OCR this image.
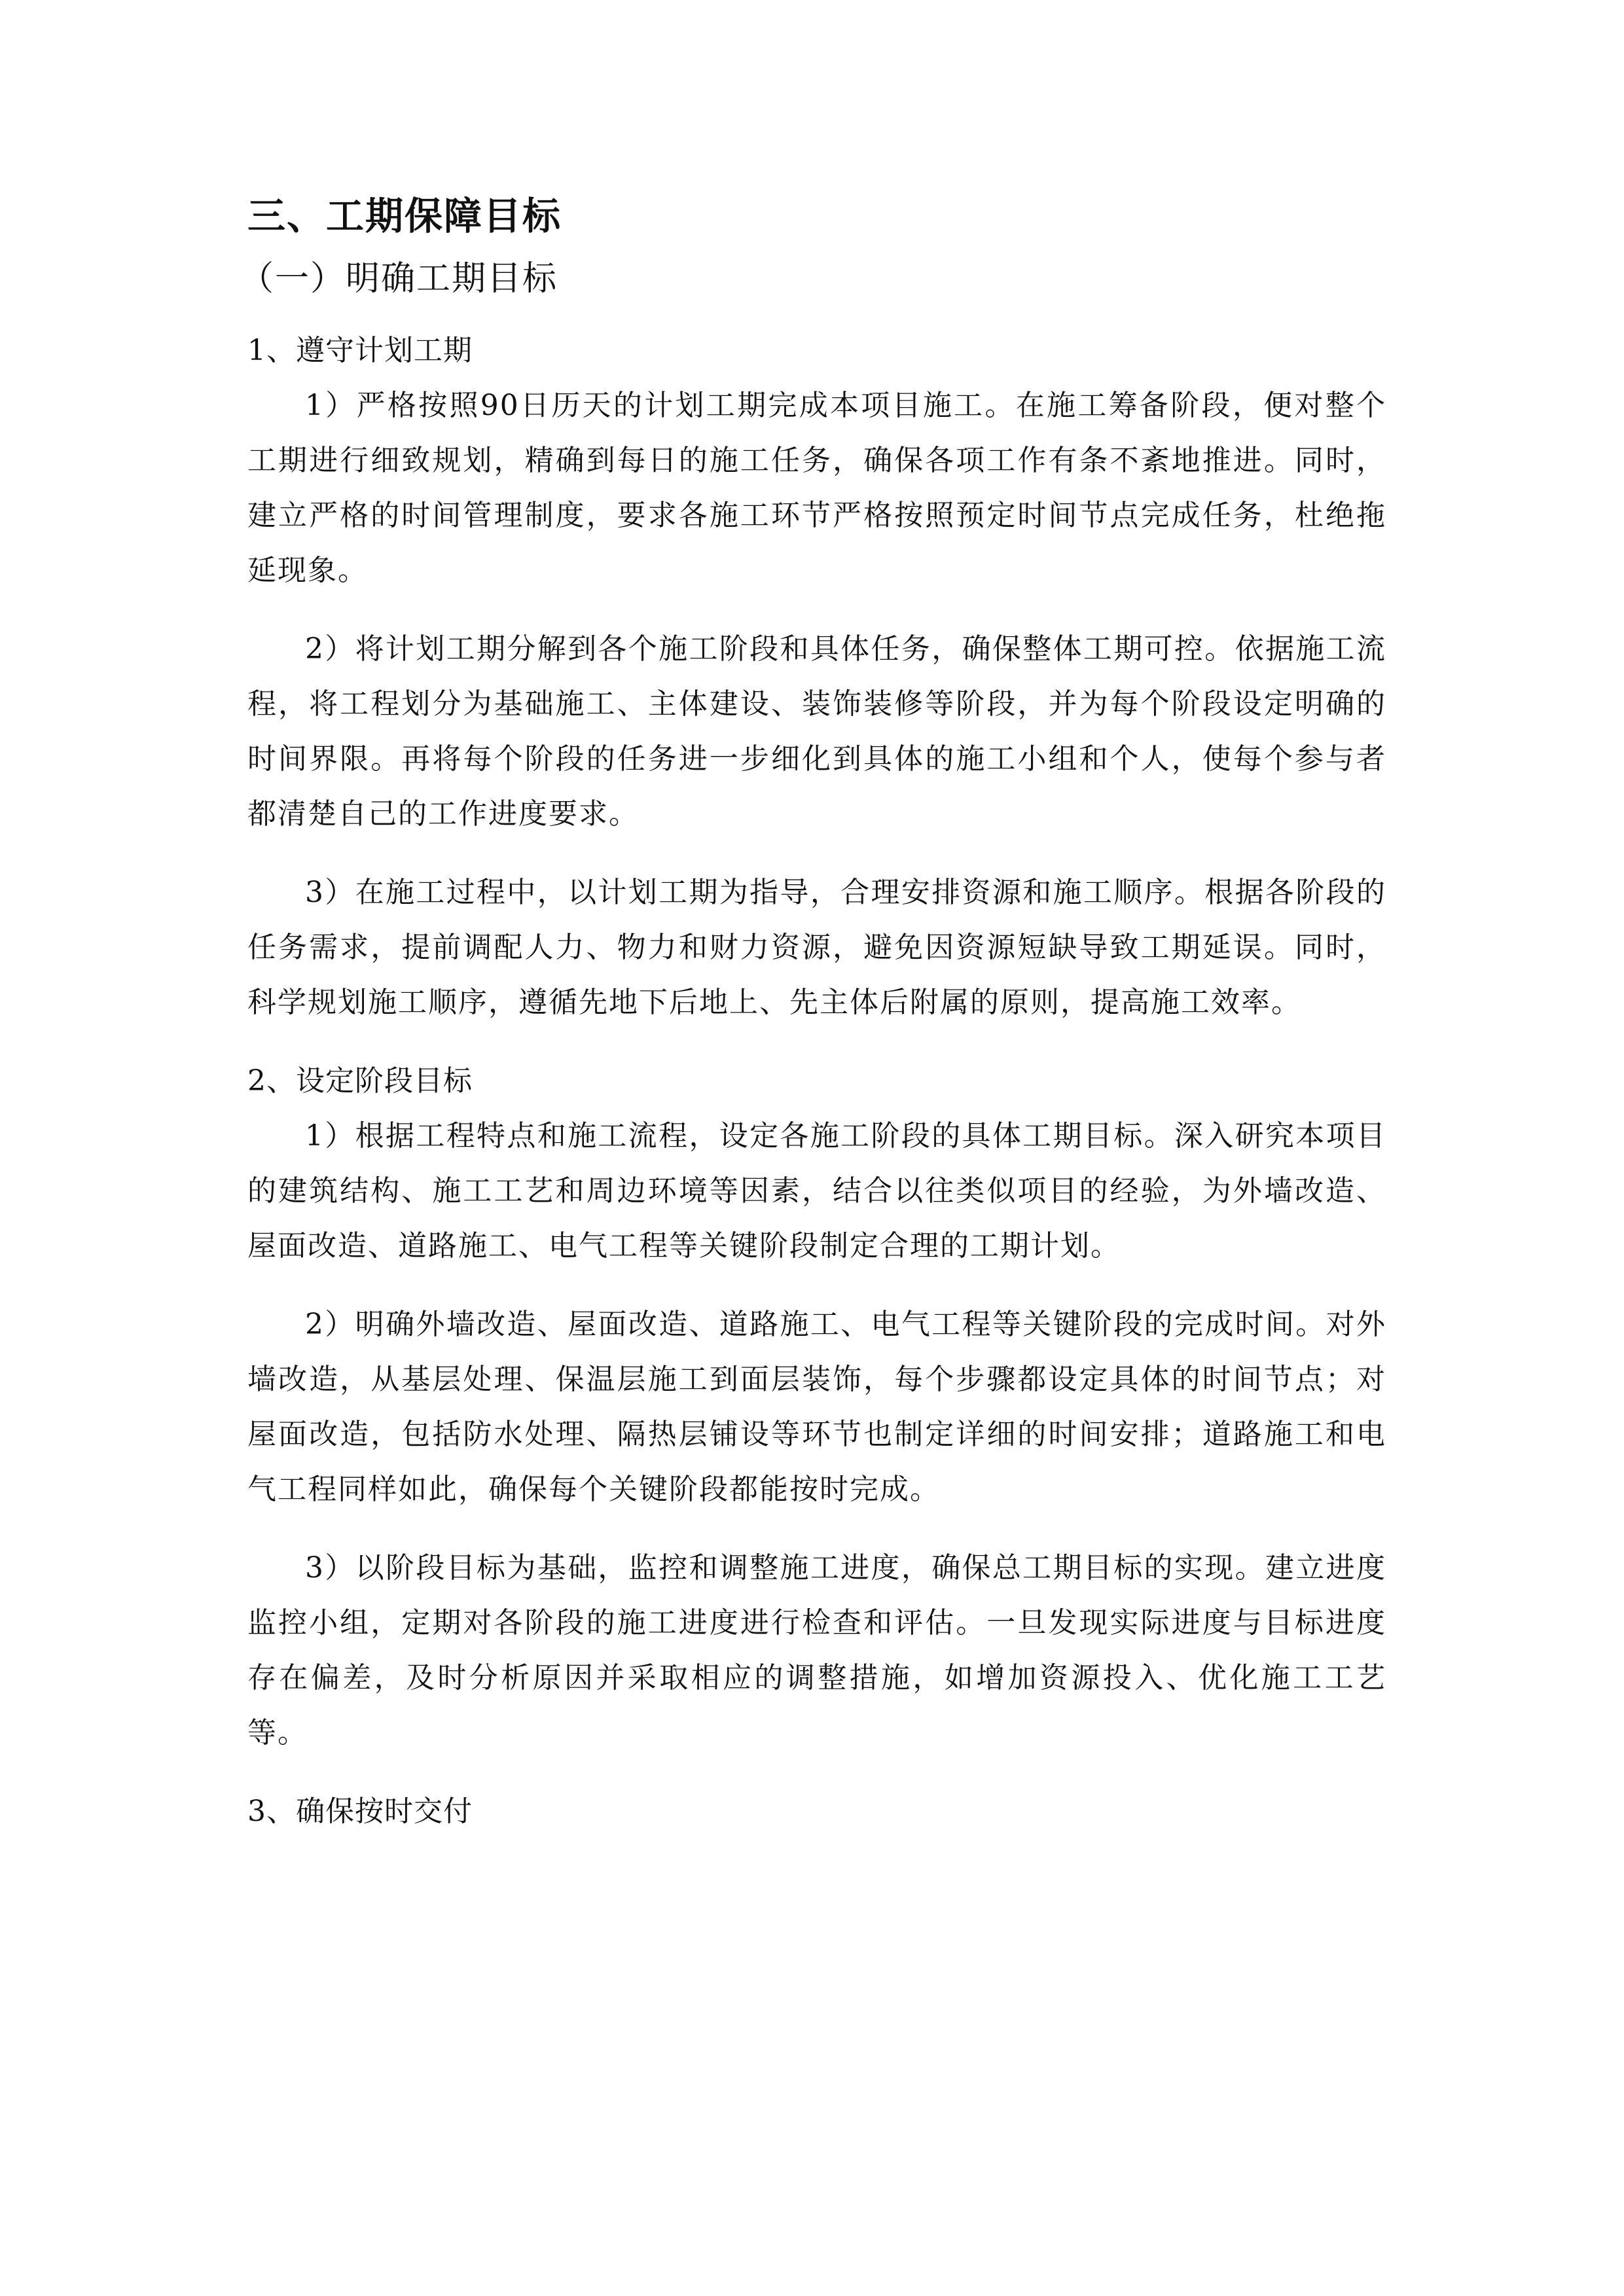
三、工期保障目标
（一）明确工期目标
1、遵守计划工期

1）严格按照90日历天的计划工期完成本项目施工。在施工筹备阶段，便对整个工期进行细致规划，精确到每日的施工任务，确保各项工作有条不紊地推进。同时，建立严格的时间管理制度，要求各施工环节严格按照预定时间节点完成任务，杜绝拖延现象。

2）将计划工期分解到各个施工阶段和具体任务，确保整体工期可控。依据施工流程，将工程划分为基础施工、主体建设、装饰装修等阶段，并为每个阶段设定明确的时间界限。再将每个阶段的任务进一步细化到具体的施工小组和个人，使每个参与者都清楚自己的工作进度要求。

3）在施工过程中，以计划工期为指导，合理安排资源和施工顺序。根据各阶段的任务需求，提前调配人力、物力和财力资源，避免因资源短缺导致工期延误。同时，科学规划施工顺序，遵循先地下后地上、先主体后附属的原则，提高施工效率。

2、设定阶段目标

1）根据工程特点和施工流程，设定各施工阶段的具体工期目标。深入研究本项目的建筑结构、施工工艺和周边环境等因素，结合以往类似项目的经验，为外墙改造、屋面改造、道路施工、电气工程等关键阶段制定合理的工期计划。

2）明确外墙改造、屋面改造、道路施工、电气工程等关键阶段的完成时间。对外墙改造，从基层处理、保温层施工到面层装饰，每个步骤都设定具体的时间节点；对屋面改造，包括防水处理、隔热层铺设等环节也制定详细的时间安排；道路施工和电气工程同样如此，确保每个关键阶段都能按时完成。

3）以阶段目标为基础，监控和调整施工进度，确保总工期目标的实现。建立进度监控小组，定期对各阶段的施工进度进行检查和评估。一旦发现实际进度与目标进度存在偏差，及时分析原因并采取相应的调整措施，如增加资源投入、优化施工工艺等。

3、确保按时交付
